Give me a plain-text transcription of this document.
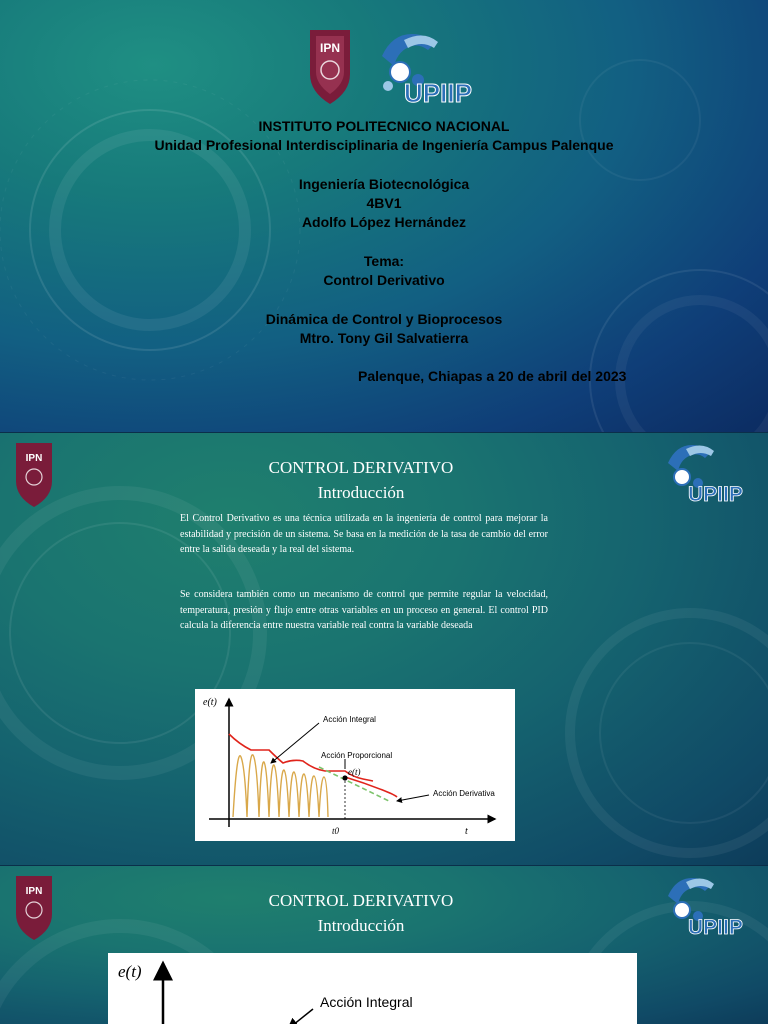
IPN
UPIIP
INSTITUTO POLITECNICO NACIONAL
Unidad Profesional Interdisciplinaria de Ingeniería Campus Palenque
Ingeniería Biotecnológica
4BV1
Adolfo López Hernández
Tema:
Control Derivativo
Dinámica de Control y Bioprocesos
Mtro. Tony Gil Salvatierra
Palenque, Chiapas a 20 de abril del 2023
IPN
UPIIP
CONTROL DERIVATIVO
Introducción
El Control Derivativo es una técnica utilizada en la ingeniería de control para mejorar la estabilidad y precisión de un sistema. Se basa en la medición de la tasa de cambio del error entre la salida deseada y la real del sistema.
Se considera también como un mecanismo de control que permite regular la velocidad, temperatura, presión y flujo entre otras variables en un proceso en general. El control PID calcula la diferencia entre nuestra variable real contra la variable deseada
e(t)
t
t0
e(t)
Acción Integral
Acción Proporcional
Acción Derivativa
IPN
UPIIP
CONTROL DERIVATIVO
Introducción
e(t)
Acción Integral
